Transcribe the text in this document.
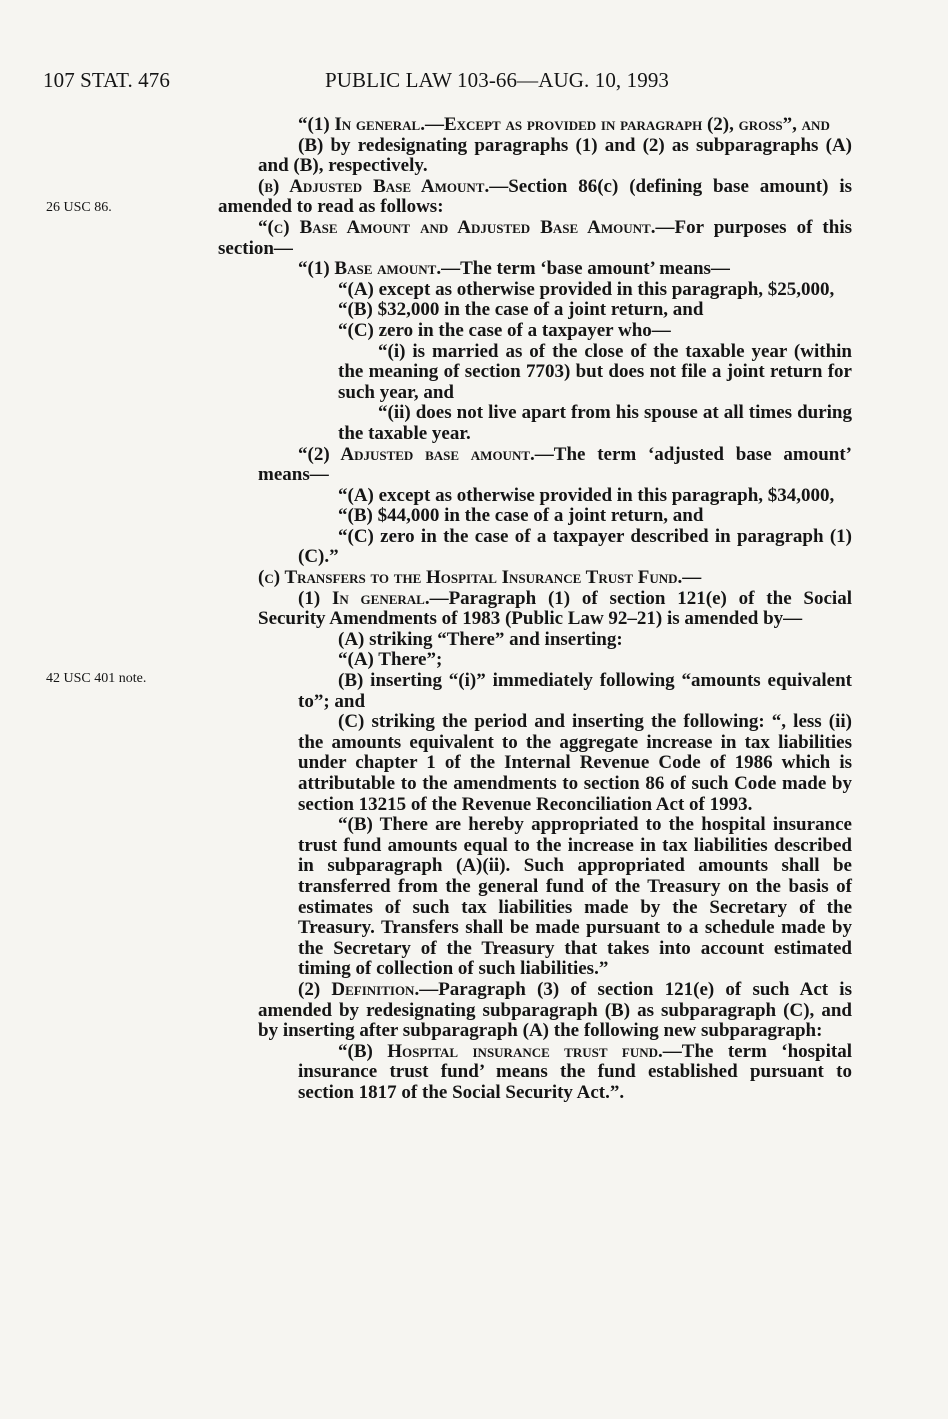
107 STAT. 476	PUBLIC LAW 103-66—AUG. 10, 1993
26 USC 86.
42 USC 401 note.

“(1) In general.—Except as provided in paragraph (2), gross”, and

(B) by redesignating paragraphs (1) and (2) as subparagraphs (A) and (B), respectively.

(b) Adjusted Base Amount.—Section 86(c) (defining base amount) is amended to read as follows:

“(c) Base Amount and Adjusted Base Amount.—For purposes of this section—

“(1) Base amount.—The term ‘base amount’ means—

“(A) except as otherwise provided in this paragraph, $25,000,

“(B) $32,000 in the case of a joint return, and

“(C) zero in the case of a taxpayer who—

“(i) is married as of the close of the taxable year (within the meaning of section 7703) but does not file a joint return for such year, and

“(ii) does not live apart from his spouse at all times during the taxable year.

“(2) Adjusted base amount.—The term ‘adjusted base amount’ means—

“(A) except as otherwise provided in this paragraph, $34,000,

“(B) $44,000 in the case of a joint return, and

“(C) zero in the case of a taxpayer described in paragraph (1)(C).”

(c) Transfers to the Hospital Insurance Trust Fund.—

(1) In general.—Paragraph (1) of section 121(e) of the Social Security Amendments of 1983 (Public Law 92–21) is amended by—

(A) striking “There” and inserting:

“(A) There”;

(B) inserting “(i)” immediately following “amounts equivalent to”; and

(C) striking the period and inserting the following: “, less (ii) the amounts equivalent to the aggregate increase in tax liabilities under chapter 1 of the Internal Revenue Code of 1986 which is attributable to the amendments to section 86 of such Code made by section 13215 of the Revenue Reconciliation Act of 1993.

“(B) There are hereby appropriated to the hospital insurance trust fund amounts equal to the increase in tax liabilities described in subparagraph (A)(ii). Such appropriated amounts shall be transferred from the general fund of the Treasury on the basis of estimates of such tax liabilities made by the Secretary of the Treasury. Transfers shall be made pursuant to a schedule made by the Secretary of the Treasury that takes into account estimated timing of collection of such liabilities.”

(2) Definition.—Paragraph (3) of section 121(e) of such Act is amended by redesignating subparagraph (B) as subparagraph (C), and by inserting after subparagraph (A) the following new subparagraph:

“(B) Hospital insurance trust fund.—The term ‘hospital insurance trust fund’ means the fund established pursuant to section 1817 of the Social Security Act.”.
